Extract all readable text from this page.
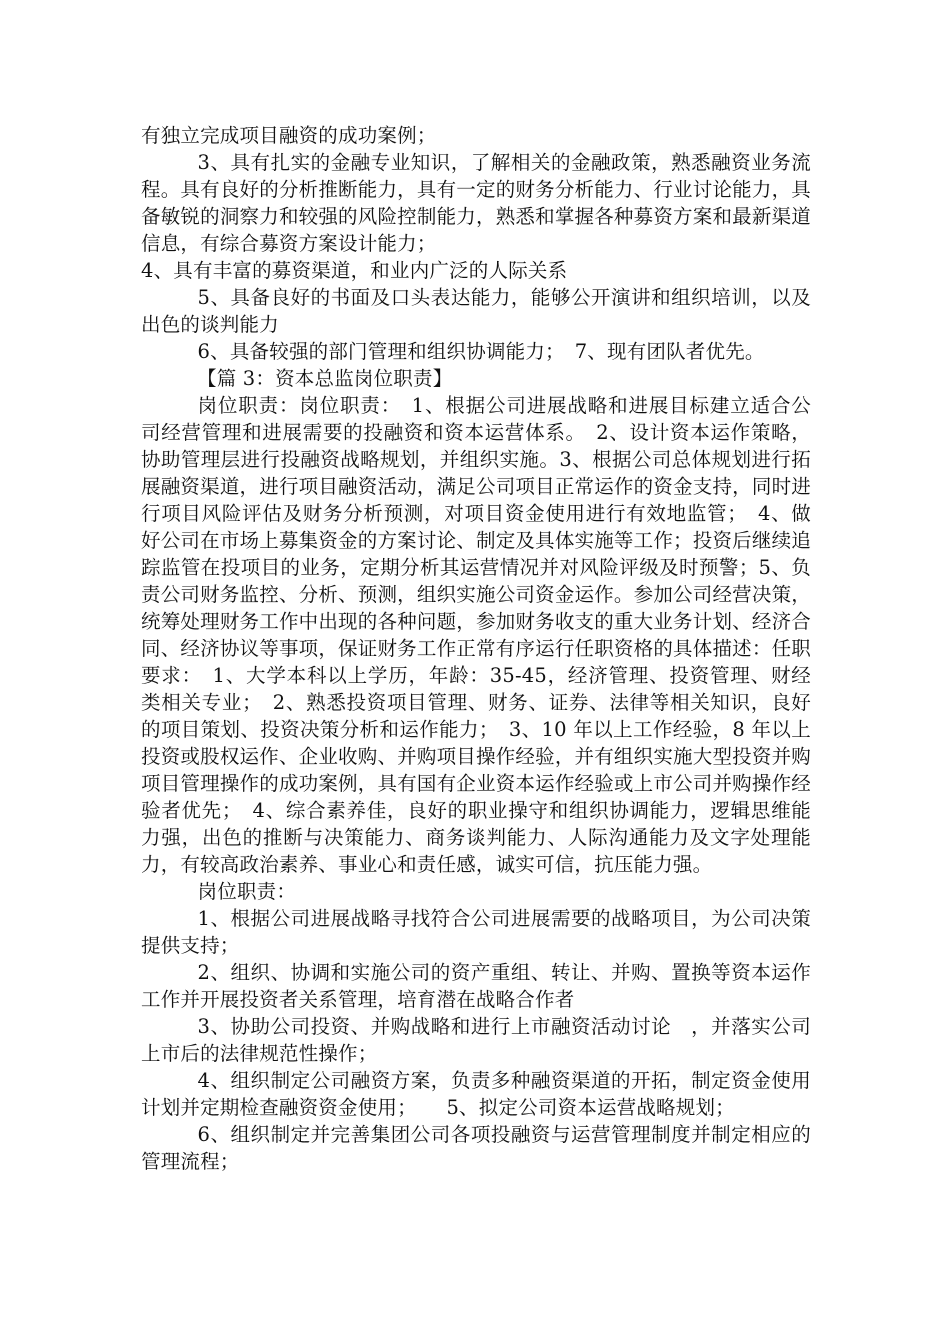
有独立完成项目融资的成功案例；

3、具有扎实的金融专业知识，了解相关的金融政策，熟悉融资业务流程。具有良好的分析推断能力，具有一定的财务分析能力、行业讨论能力，具备敏锐的洞察力和较强的风险控制能力，熟悉和掌握各种募资方案和最新渠道信息，有综合募资方案设计能力；

4、具有丰富的募资渠道，和业内广泛的人际关系

5、具备良好的书面及口头表达能力，能够公开演讲和组织培训，以及出色的谈判能力

6、具备较强的部门管理和组织协调能力；　7、现有团队者优先。

【篇 3：资本总监岗位职责】

岗位职责：岗位职责：　1、根据公司进展战略和进展目标建立适合公司经营管理和进展需要的投融资和资本运营体系。　2、设计资本运作策略，协助管理层进行投融资战略规划，并组织实施。3、根据公司总体规划进行拓展融资渠道，进行项目融资活动，满足公司项目正常运作的资金支持，同时进行项目风险评估及财务分析预测，对项目资金使用进行有效地监管；　4、做好公司在市场上募集资金的方案讨论、制定及具体实施等工作；投资后继续追踪监管在投项目的业务，定期分析其运营情况并对风险评级及时预警；5、负责公司财务监控、分析、预测，组织实施公司资金运作。参加公司经营决策，统筹处理财务工作中出现的各种问题，参加财务收支的重大业务计划、经济合同、经济协议等事项，保证财务工作正常有序运行任职资格的具体描述：任职要求：　1、大学本科以上学历，年龄：35-45，经济管理、投资管理、财经类相关专业；　2、熟悉投资项目管理、财务、证券、法律等相关知识，良好的项目策划、投资决策分析和运作能力；　3、10 年以上工作经验，8 年以上投资或股权运作、企业收购、并购项目操作经验，并有组织实施大型投资并购项目管理操作的成功案例，具有国有企业资本运作经验或上市公司并购操作经验者优先；　4、综合素养佳，良好的职业操守和组织协调能力，逻辑思维能力强，出色的推断与决策能力、商务谈判能力、人际沟通能力及文字处理能力，有较高政治素养、事业心和责任感，诚实可信，抗压能力强。

岗位职责：

1、根据公司进展战略寻找符合公司进展需要的战略项目，为公司决策提供支持；

2、组织、协调和实施公司的资产重组、转让、并购、置换等资本运作工作并开展投资者关系管理，培育潜在战略合作者

3、协助公司投资、并购战略和进行上市融资活动讨论　，并落实公司上市后的法律规范性操作；

4、组织制定公司融资方案，负责多种融资渠道的开拓，制定资金使用计划并定期检查融资资金使用；　　5、拟定公司资本运营战略规划；

6、组织制定并完善集团公司各项投融资与运营管理制度并制定相应的管理流程；
